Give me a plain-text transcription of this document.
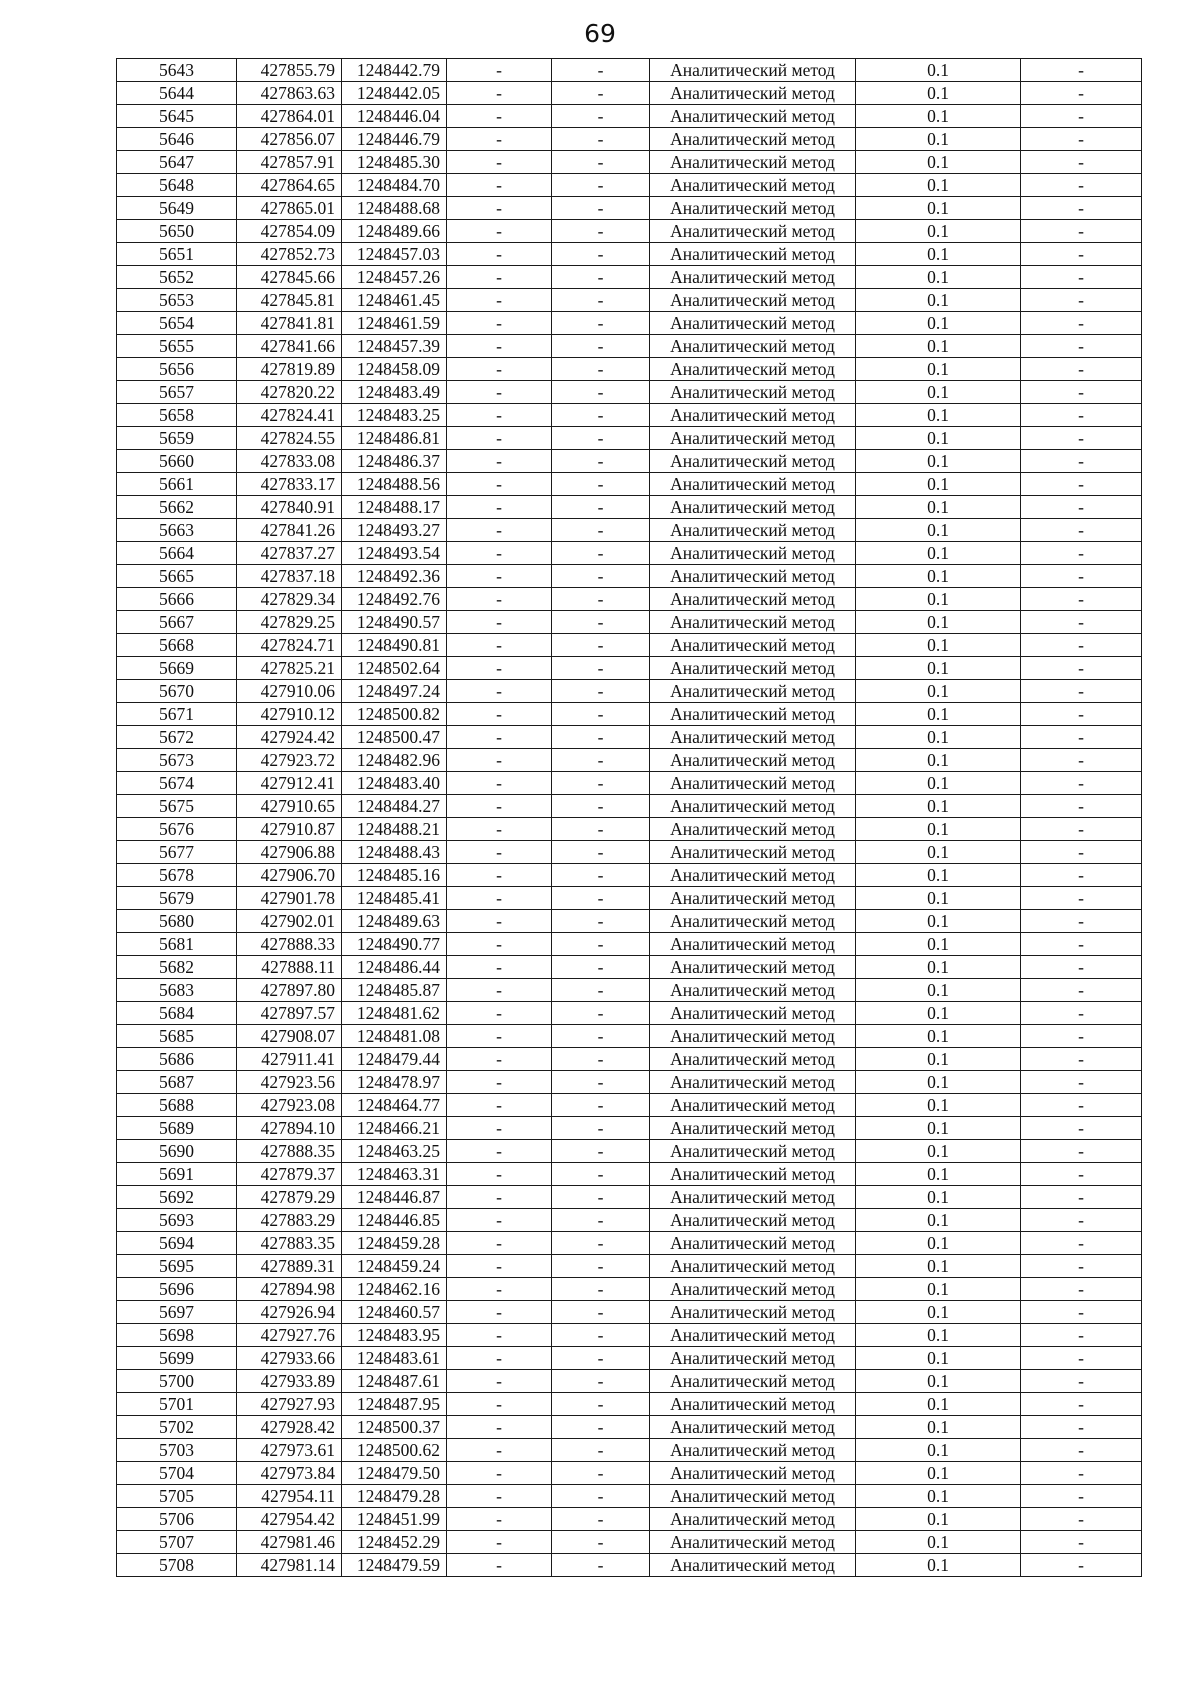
69
5643	427855.79	1248442.79	-	-	Аналитический метод	0.1	-
5644	427863.63	1248442.05	-	-	Аналитический метод	0.1	-
5645	427864.01	1248446.04	-	-	Аналитический метод	0.1	-
5646	427856.07	1248446.79	-	-	Аналитический метод	0.1	-
5647	427857.91	1248485.30	-	-	Аналитический метод	0.1	-
5648	427864.65	1248484.70	-	-	Аналитический метод	0.1	-
5649	427865.01	1248488.68	-	-	Аналитический метод	0.1	-
5650	427854.09	1248489.66	-	-	Аналитический метод	0.1	-
5651	427852.73	1248457.03	-	-	Аналитический метод	0.1	-
5652	427845.66	1248457.26	-	-	Аналитический метод	0.1	-
5653	427845.81	1248461.45	-	-	Аналитический метод	0.1	-
5654	427841.81	1248461.59	-	-	Аналитический метод	0.1	-
5655	427841.66	1248457.39	-	-	Аналитический метод	0.1	-
5656	427819.89	1248458.09	-	-	Аналитический метод	0.1	-
5657	427820.22	1248483.49	-	-	Аналитический метод	0.1	-
5658	427824.41	1248483.25	-	-	Аналитический метод	0.1	-
5659	427824.55	1248486.81	-	-	Аналитический метод	0.1	-
5660	427833.08	1248486.37	-	-	Аналитический метод	0.1	-
5661	427833.17	1248488.56	-	-	Аналитический метод	0.1	-
5662	427840.91	1248488.17	-	-	Аналитический метод	0.1	-
5663	427841.26	1248493.27	-	-	Аналитический метод	0.1	-
5664	427837.27	1248493.54	-	-	Аналитический метод	0.1	-
5665	427837.18	1248492.36	-	-	Аналитический метод	0.1	-
5666	427829.34	1248492.76	-	-	Аналитический метод	0.1	-
5667	427829.25	1248490.57	-	-	Аналитический метод	0.1	-
5668	427824.71	1248490.81	-	-	Аналитический метод	0.1	-
5669	427825.21	1248502.64	-	-	Аналитический метод	0.1	-
5670	427910.06	1248497.24	-	-	Аналитический метод	0.1	-
5671	427910.12	1248500.82	-	-	Аналитический метод	0.1	-
5672	427924.42	1248500.47	-	-	Аналитический метод	0.1	-
5673	427923.72	1248482.96	-	-	Аналитический метод	0.1	-
5674	427912.41	1248483.40	-	-	Аналитический метод	0.1	-
5675	427910.65	1248484.27	-	-	Аналитический метод	0.1	-
5676	427910.87	1248488.21	-	-	Аналитический метод	0.1	-
5677	427906.88	1248488.43	-	-	Аналитический метод	0.1	-
5678	427906.70	1248485.16	-	-	Аналитический метод	0.1	-
5679	427901.78	1248485.41	-	-	Аналитический метод	0.1	-
5680	427902.01	1248489.63	-	-	Аналитический метод	0.1	-
5681	427888.33	1248490.77	-	-	Аналитический метод	0.1	-
5682	427888.11	1248486.44	-	-	Аналитический метод	0.1	-
5683	427897.80	1248485.87	-	-	Аналитический метод	0.1	-
5684	427897.57	1248481.62	-	-	Аналитический метод	0.1	-
5685	427908.07	1248481.08	-	-	Аналитический метод	0.1	-
5686	427911.41	1248479.44	-	-	Аналитический метод	0.1	-
5687	427923.56	1248478.97	-	-	Аналитический метод	0.1	-
5688	427923.08	1248464.77	-	-	Аналитический метод	0.1	-
5689	427894.10	1248466.21	-	-	Аналитический метод	0.1	-
5690	427888.35	1248463.25	-	-	Аналитический метод	0.1	-
5691	427879.37	1248463.31	-	-	Аналитический метод	0.1	-
5692	427879.29	1248446.87	-	-	Аналитический метод	0.1	-
5693	427883.29	1248446.85	-	-	Аналитический метод	0.1	-
5694	427883.35	1248459.28	-	-	Аналитический метод	0.1	-
5695	427889.31	1248459.24	-	-	Аналитический метод	0.1	-
5696	427894.98	1248462.16	-	-	Аналитический метод	0.1	-
5697	427926.94	1248460.57	-	-	Аналитический метод	0.1	-
5698	427927.76	1248483.95	-	-	Аналитический метод	0.1	-
5699	427933.66	1248483.61	-	-	Аналитический метод	0.1	-
5700	427933.89	1248487.61	-	-	Аналитический метод	0.1	-
5701	427927.93	1248487.95	-	-	Аналитический метод	0.1	-
5702	427928.42	1248500.37	-	-	Аналитический метод	0.1	-
5703	427973.61	1248500.62	-	-	Аналитический метод	0.1	-
5704	427973.84	1248479.50	-	-	Аналитический метод	0.1	-
5705	427954.11	1248479.28	-	-	Аналитический метод	0.1	-
5706	427954.42	1248451.99	-	-	Аналитический метод	0.1	-
5707	427981.46	1248452.29	-	-	Аналитический метод	0.1	-
5708	427981.14	1248479.59	-	-	Аналитический метод	0.1	-
